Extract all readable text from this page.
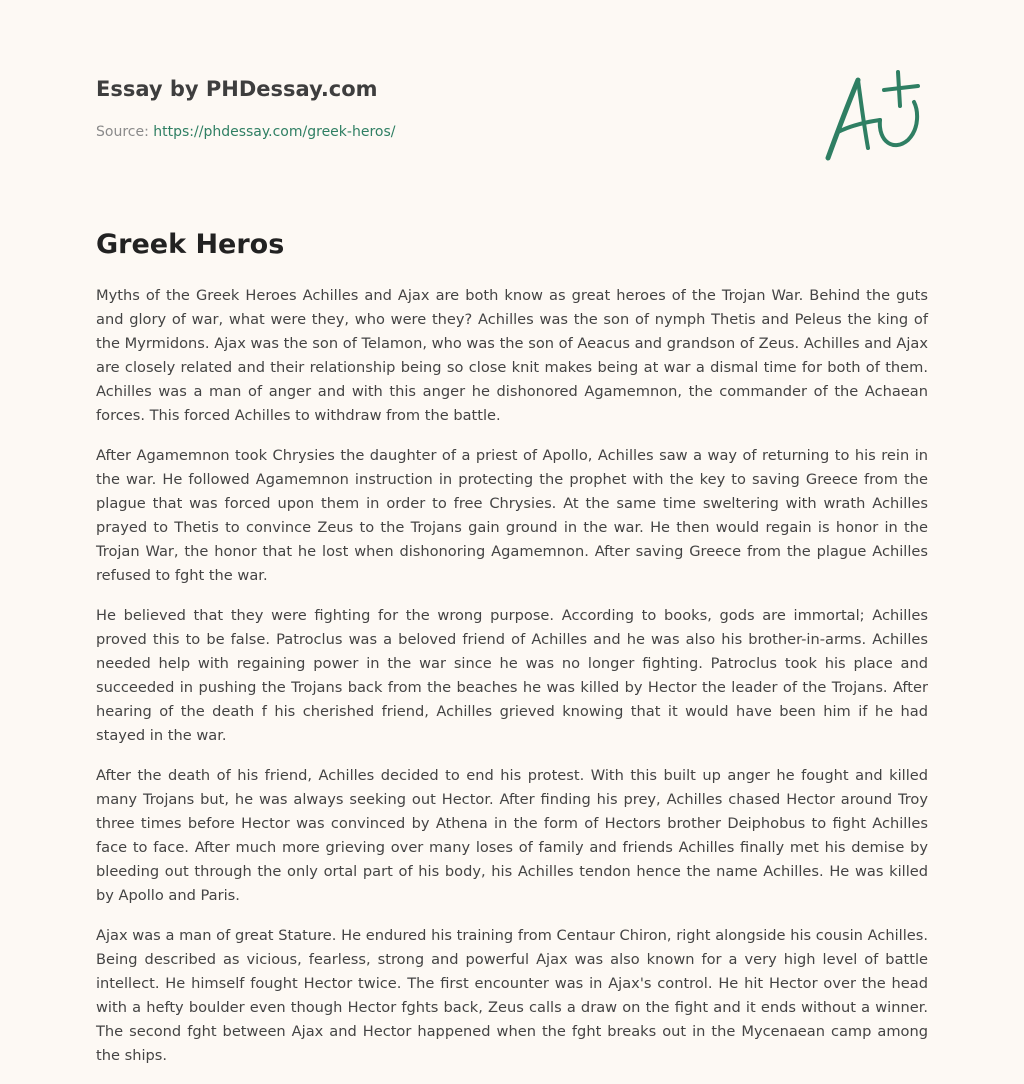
Essay by PHDessay.com
Source: https://phdessay.com/greek-heros/
Greek Heros

Myths of the Greek Heroes Achilles and Ajax are both know as great heroes of the Trojan War. Behind the guts and glory of war, what were they, who were they? Achilles was the son of nymph Thetis and Peleus the king of the Myrmidons. Ajax was the son of Telamon, who was the son of Aeacus and grandson of Zeus. Achilles and Ajax are closely related and their relationship being so close knit makes being at war a dismal time for both of them. Achilles was a man of anger and with this anger he dishonored Agamemnon, the commander of the Achaean forces. This forced Achilles to withdraw from the battle.

After Agamemnon took Chrysies the daughter of a priest of Apollo, Achilles saw a way of returning to his rein in the war. He followed Agamemnon instruction in protecting the prophet with the key to saving Greece from the plague that was forced upon them in order to free Chrysies. At the same time sweltering with wrath Achilles prayed to Thetis to convince Zeus to the Trojans gain ground in the war. He then would regain is honor in the Trojan War, the honor that he lost when dishonoring Agamemnon. After saving Greece from the plague Achilles refused to fght the war.

He believed that they were fighting for the wrong purpose. According to books, gods are immortal; Achilles proved this to be false. Patroclus was a beloved friend of Achilles and he was also his brother-in-arms. Achilles needed help with regaining power in the war since he was no longer fighting. Patroclus took his place and succeeded in pushing the Trojans back from the beaches he was killed by Hector the leader of the Trojans. After hearing of the death f his cherished friend, Achilles grieved knowing that it would have been him if he had stayed in the war.

After the death of his friend, Achilles decided to end his protest. With this built up anger he fought and killed many Trojans but, he was always seeking out Hector. After finding his prey, Achilles chased Hector around Troy three times before Hector was convinced by Athena in the form of Hectors brother Deiphobus to fight Achilles face to face. After much more grieving over many loses of family and friends Achilles finally met his demise by bleeding out through the only ortal part of his body, his Achilles tendon hence the name Achilles. He was killed by Apollo and Paris.

Ajax was a man of great Stature. He endured his training from Centaur Chiron, right alongside his cousin Achilles. Being described as vicious, fearless, strong and powerful Ajax was also known for a very high level of battle intellect. He himself fought Hector twice. The first encounter was in Ajax's control. He hit Hector over the head with a hefty boulder even though Hector fghts back, Zeus calls a draw on the fight and it ends without a winner. The second fght between Ajax and Hector happened when the fght breaks out in the Mycenaean camp among the ships.
